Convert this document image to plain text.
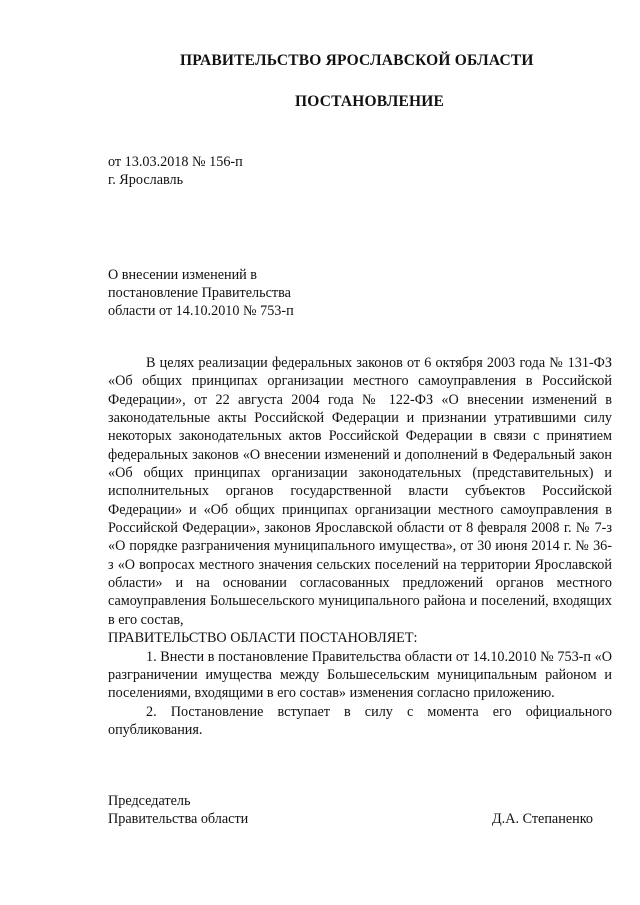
ПРАВИТЕЛЬСТВО ЯРОСЛАВСКОЙ ОБЛАСТИ
ПОСТАНОВЛЕНИЕ
от 13.03.2018 № 156-п
г. Ярославль
О внесении изменений в
постановление Правительства
области от 14.10.2010 № 753-п

В целях реализации федеральных законов от 6 октября 2003 года № 131-ФЗ «Об общих принципах организации местного самоуправления в Российской Федерации», от 22 августа 2004 года № 122-ФЗ «О внесении изменений в законодательные акты Российской Федерации и признании утратившими силу некоторых законодательных актов Российской Федерации в связи с принятием федеральных законов «О внесении изменений и дополнений в Федеральный закон «Об общих принципах организации законодательных (представительных) и исполнительных органов государственной власти субъектов Российской Федерации» и «Об общих принципах организации местного самоуправления в Российской Федерации», законов Ярославской области от 8 февраля 2008 г. № 7-з «О порядке разграничения муниципального имущества», от 30 июня 2014 г. № 36-з «О вопросах местного значения сельских поселений на территории Ярославской области» и на основании согласованных предложений органов местного самоуправления Большесельского муниципального района и поселений, входящих в его состав,

ПРАВИТЕЛЬСТВО ОБЛАСТИ ПОСТАНОВЛЯЕТ:

1. Внести в постановление Правительства области от 14.10.2010 № 753-п «О разграничении имущества между Большесельским муниципальным районом и поселениями, входящими в его состав» изменения согласно приложению.

2. Постановление вступает в силу с момента его официального опубликования.

Председатель
Правительства области	Д.А. Степаненко
